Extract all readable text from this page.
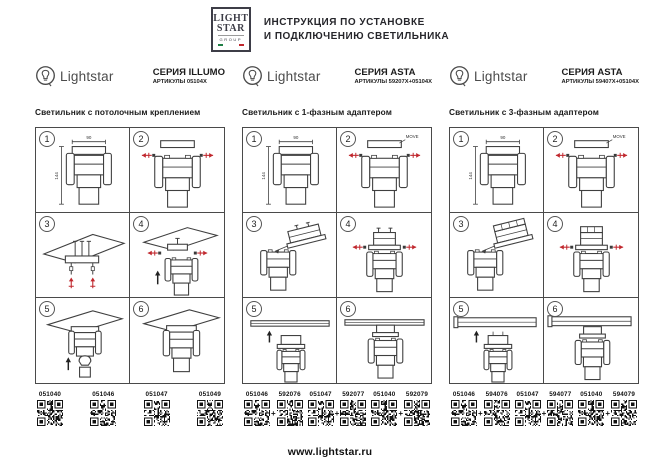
LIGHT
STAR
GROUP
ИНСТРУКЦИЯ ПО УСТАНОВКЕ
И ПОДКЛЮЧЕНИЮ СВЕТИЛЬНИКА
Lightstar	СЕРИЯ ILLUMO
АРТИКУЛЫ 05104X
Светильник с потолочным креплением
1	90
144
2
3	4
5	6
051040	051046	051047	051049
Lightstar	СЕРИЯ ASTA
АРТИКУЛЫ 59207X+05104X
Светильник с 1-фазным адаптером
1	90
144
2	MOVE
3	4
5	6
051046
+
592076 051047
+
592077 051040
+
592079
Lightstar	СЕРИЯ ASTA
АРТИКУЛЫ 59407X+05104X
Светильник с 3-фазным адаптером
1	90
144
2	MOVE
3	4
5	6
051046
+
594076 051047
+
594077 051040
+
594079
www.lightstar.ru
